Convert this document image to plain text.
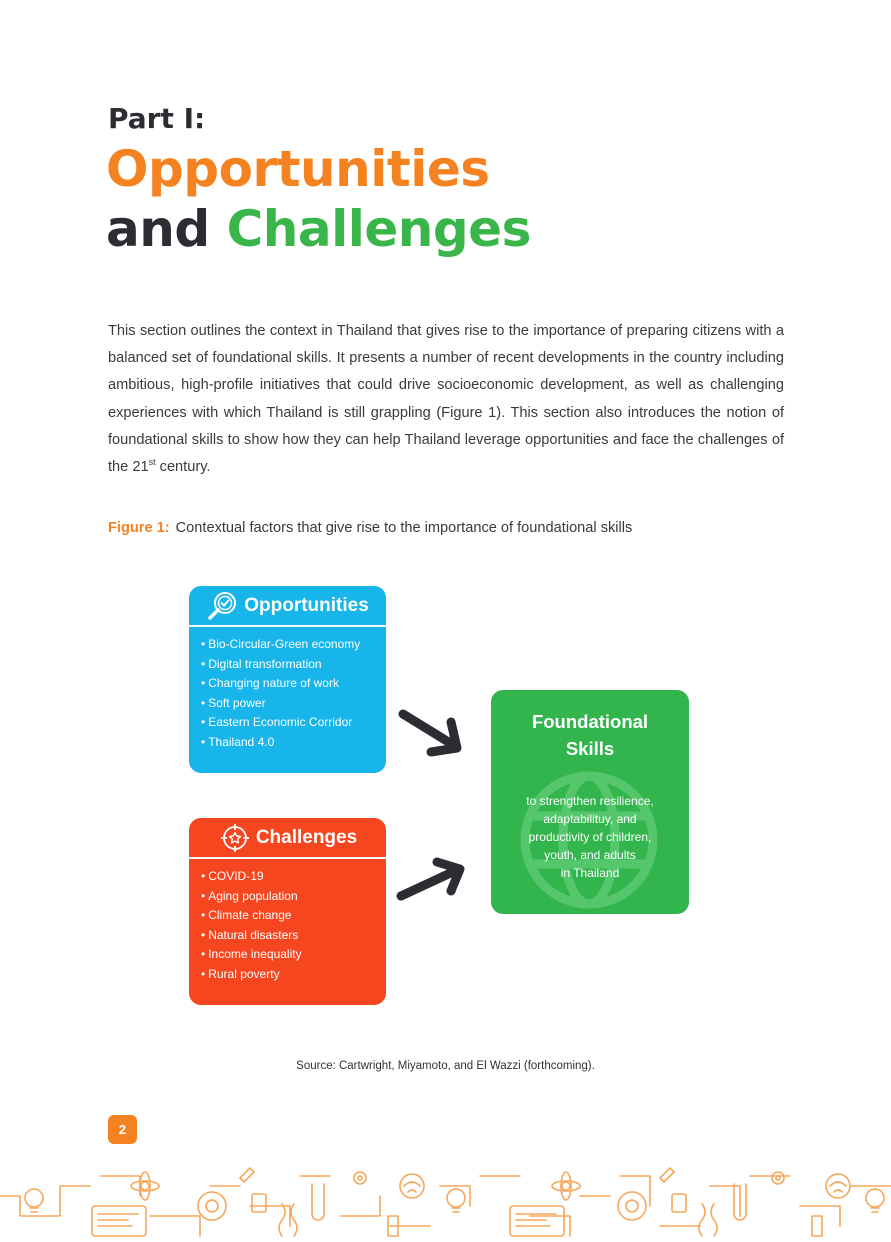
Part I:
Opportunities
and Challenges

This section outlines the context in Thailand that gives rise to the importance of preparing citizens with a balanced set of foundational skills. It presents a number of recent developments in the country including ambitious, high-profile initiatives that could drive socioeconomic development, as well as challenging experiences with which Thailand is still grappling (Figure 1). This section also introduces the notion of foundational skills to show how they can help Thailand leverage opportunities and face the challenges of the 21st century.

Figure 1: Contextual factors that give rise to the importance of foundational skills
Opportunities
• Bio-Circular-Green economy
• Digital transformation
• Changing nature of work
• Soft power
• Eastern Economic Corridor
• Thailand 4.0
Challenges
• COVID-19
• Aging population
• Climate change
• Natural disasters
• Income inequality
• Rural poverty
Foundational
Skills
to strengthen resilience,
adaptabilituy, and
productivity of children,
youth, and adults
in Thailand
Source: Cartwright, Miyamoto, and El Wazzi (forthcoming).
2
